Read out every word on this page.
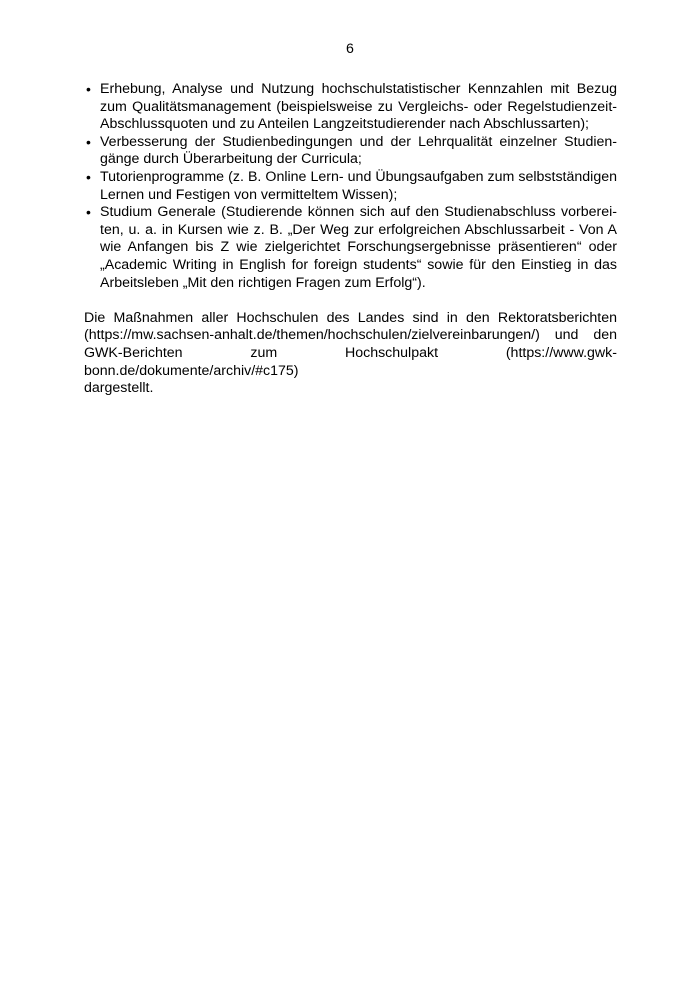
6
• Erhebung, Analyse und Nutzung hochschulstatistischer Kennzahlen mit Bezug
zum Qualitätsmanagement (beispielsweise zu Vergleichs- oder Regelstudienzeit-
Abschlussquoten und zu Anteilen Langzeitstudierender nach Abschlussarten);
• Verbesserung der Studienbedingungen und der Lehrqualität einzelner Studien-
gänge durch Überarbeitung der Curricula;
• Tutorienprogramme (z. B. Online Lern- und Übungsaufgaben zum selbstständigen
Lernen und Festigen von vermitteltem Wissen);
• Studium Generale (Studierende können sich auf den Studienabschluss vorberei-
ten, u. a. in Kursen wie z. B. „Der Weg zur erfolgreichen Abschlussarbeit - Von A
wie Anfangen bis Z wie zielgerichtet Forschungsergebnisse präsentieren“ oder
„Academic Writing in English for foreign students“ sowie für den Einstieg in das
Arbeitsleben „Mit den richtigen Fragen zum Erfolg“).
Die Maßnahmen aller Hochschulen des Landes sind in den Rektoratsberichten
(https://mw.sachsen-anhalt.de/themen/hochschulen/zielvereinbarungen/) und den
GWK-Berichten zum Hochschulpakt (https://www.gwk-
bonn.de/dokumente/archiv/#c175)
dargestellt.
